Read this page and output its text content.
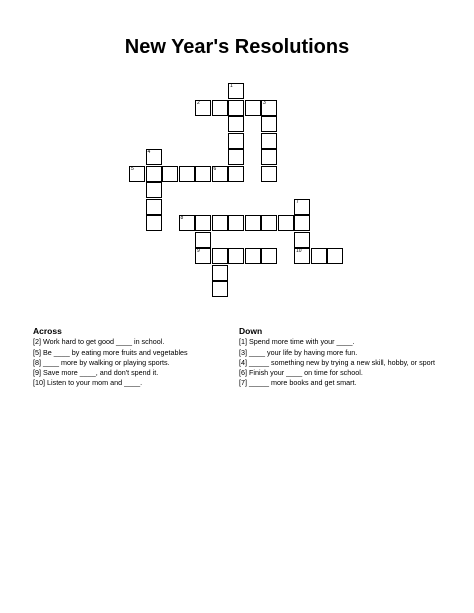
New Year's Resolutions
1
2	3
4
5	6
7
8
9	10
Across
[2] Work hard to get good ____ in school.
[5] Be ____ by eating more fruits and vegetables
[8] ____ more by walking or playing sports.
[9] Save more ____, and don't spend it.
[10] Listen to your mom and ____.
Down
[1] Spend more time with your ____.
[3] ____ your life by having more fun.
[4] _____ something new by trying a new skill, hobby, or sport
[6] Finish your ____ on time for school.
[7] _____ more books and get smart.
